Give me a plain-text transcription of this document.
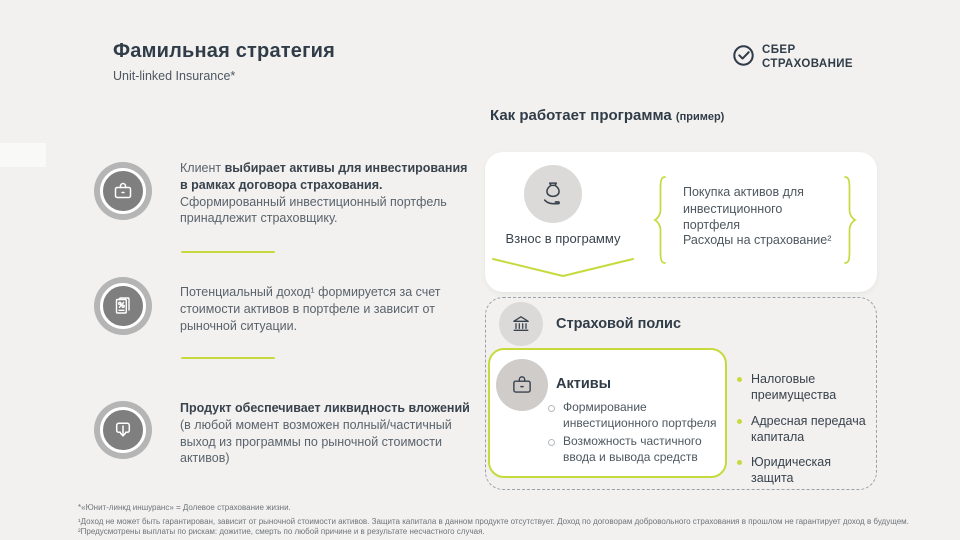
Фамильная стратегия
Unit-linked Insurance*
СБЕР
СТРАХОВАНИЕ
Клиент выбирает активы для инвестирования в рамках договора страхования. Сформированный инвестиционный портфель принадлежит страховщику.
Потенциальный доход¹ формируется за счет стоимости активов в портфеле и зависит от рыночной ситуации.
Продукт обеспечивает ликвидность вложений (в любой момент возможен полный/частичный выход из программы по рыночной стоимости активов)
Как работает программа (пример)
Взнос в программу
Покупка активов для инвестиционного портфеля
Расходы на страхование²
Страховой полис
Активы
Формирование инвестиционного портфеля
Возможность частичного ввода и вывода средств
Налоговые преимущества
Адресная передача капитала
Юридическая защита
*«Юнит-линкд иншуранс» = Долевое страхование жизни.
¹Доход не может быть гарантирован, зависит от рыночной стоимости активов. Защита капитала в данном продукте отсутствует. Доход по договорам добровольного страхования в прошлом не гарантирует доход в будущем.
²Предусмотрены выплаты по рискам: дожитие, смерть по любой причине и в результате несчастного случая.
